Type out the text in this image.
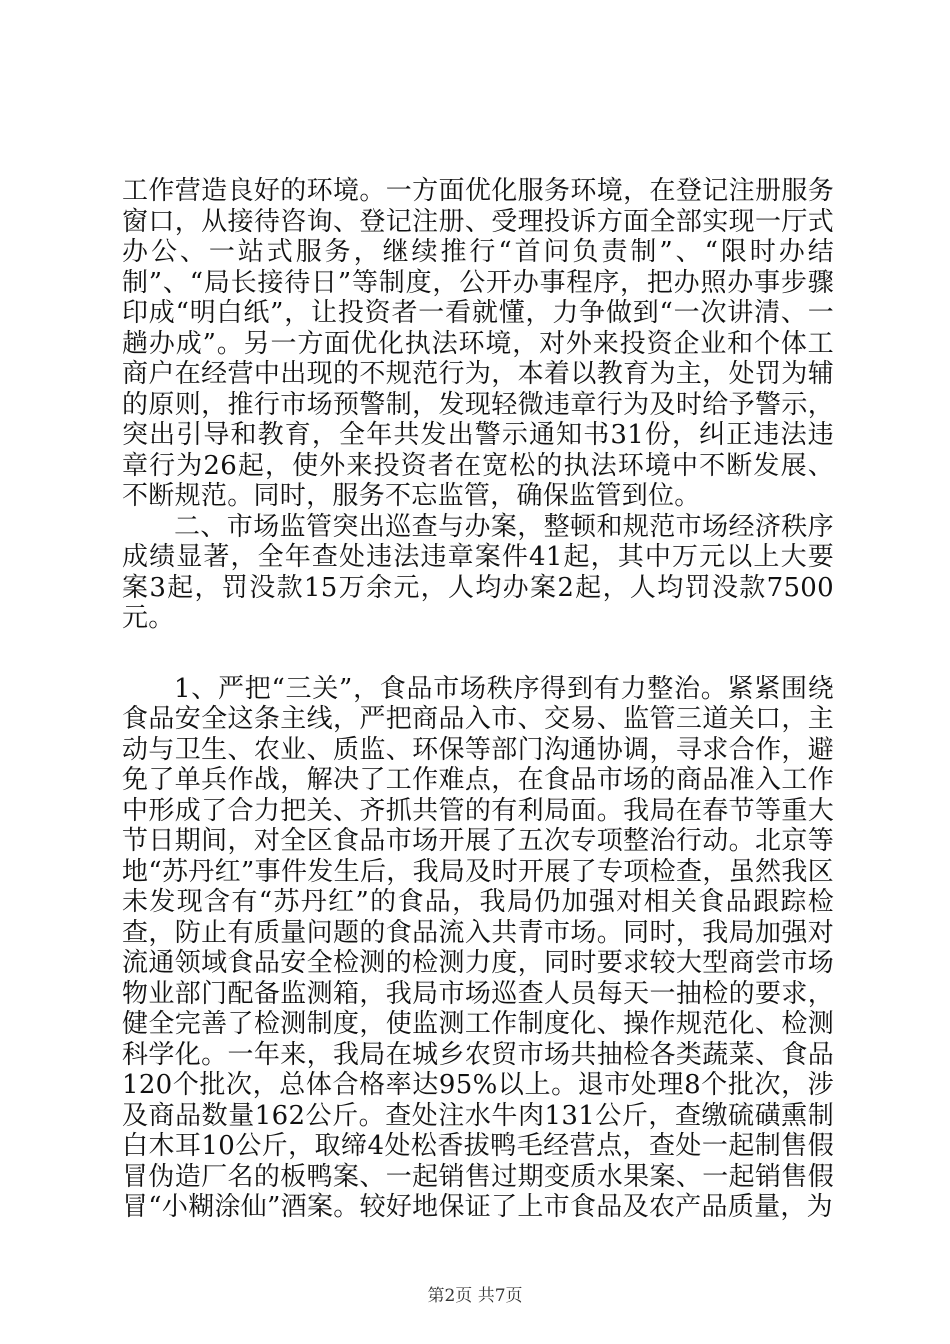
工作营造良好的环境。一方面优化服务环境，在登记注册服务窗口，从接待咨询、登记注册、受理投诉方面全部实现一厅式办公、一站式服务，继续推行“首问负责制”、“限时办结制”、“局长接待日”等制度，公开办事程序，把办照办事步骤印成“明白纸”，让投资者一看就懂，力争做到“一次讲清、一趟办成”。另一方面优化执法环境，对外来投资企业和个体工商户在经营中出现的不规范行为，本着以教育为主，处罚为辅的原则，推行市场预警制，发现轻微违章行为及时给予警示，突出引导和教育，全年共发出警示通知书31份，纠正违法违章行为26起，使外来投资者在宽松的执法环境中不断发展、不断规范。同时，服务不忘监管，确保监管到位。

二、市场监管突出巡查与办案，整顿和规范市场经济秩序成绩显著，全年查处违法违章案件41起，其中万元以上大要案3起，罚没款15万余元，人均办案2起，人均罚没款7500元。

1、严把“三关”，食品市场秩序得到有力整治。紧紧围绕食品安全这条主线，严把商品入市、交易、监管三道关口，主动与卫生、农业、质监、环保等部门沟通协调，寻求合作，避免了单兵作战，解决了工作难点，在食品市场的商品准入工作中形成了合力把关、齐抓共管的有利局面。我局在春节等重大节日期间，对全区食品市场开展了五次专项整治行动。北京等地“苏丹红”事件发生后，我局及时开展了专项检查，虽然我区未发现含有“苏丹红”的食品，我局仍加强对相关食品跟踪检查，防止有质量问题的食品流入共青市场。同时，我局加强对流通领域食品安全检测的检测力度，同时要求较大型商尝市场物业部门配备监测箱，我局市场巡查人员每天一抽检的要求，健全完善了检测制度，使监测工作制度化、操作规范化、检测科学化。一年来，我局在城乡农贸市场共抽检各类蔬菜、食品120个批次，总体合格率达95%以上。退市处理8个批次，涉及商品数量162公斤。查处注水牛肉131公斤，查缴硫磺熏制白木耳10公斤，取缔4处松香拔鸭毛经营点，查处一起制售假冒伪造厂名的板鸭案、一起销售过期变质水果案、一起销售假冒“小糊涂仙”酒案。较好地保证了上市食品及农产品质量，为

第2页 共7页
